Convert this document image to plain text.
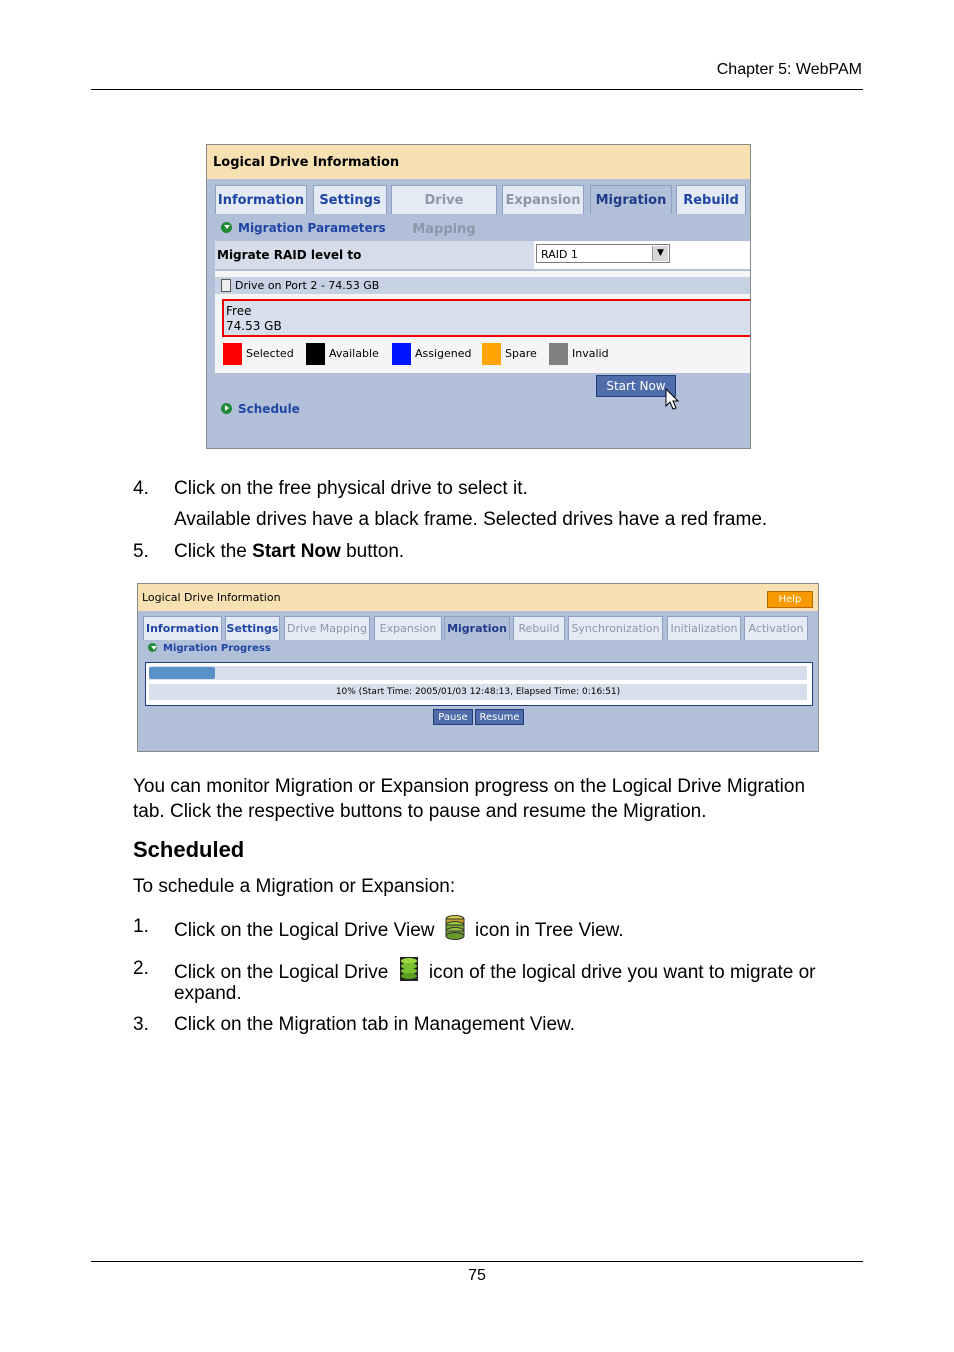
Chapter 5: WebPAM
Logical Drive Information
Information	Settings	Drive Mapping
Expansion	Migration	Rebuild
Migration Parameters
Migrate RAID level to	RAID 1	▼
Drive on Port 2 - 74.53 GB
Free
74.53 GB
Selected	Available	Assigened	Spare	Invalid
Start Now
Schedule
4. Click on the free physical drive to select it.
Available drives have a black frame. Selected drives have a red frame.
5. Click the Start Now button.
Logical Drive Information	Help
Information Settings Drive Mapping	Expansion Migration	Rebuild	Synchronization Initialization Activation
Migration Progress
10% (Start Time: 2005/01/03 12:48:13, Elapsed Time: 0:16:51)
Pause	Resume
You can monitor Migration or Expansion progress on the Logical Drive Migration
tab. Click the respective buttons to pause and resume the Migration.
Scheduled
To schedule a Migration or Expansion:
1. Click on the Logical Drive View  icon in Tree View.
2. Click on the Logical Drive  icon of the logical drive you want to migrate or
expand.
3. Click on the Migration tab in Management View.
75
